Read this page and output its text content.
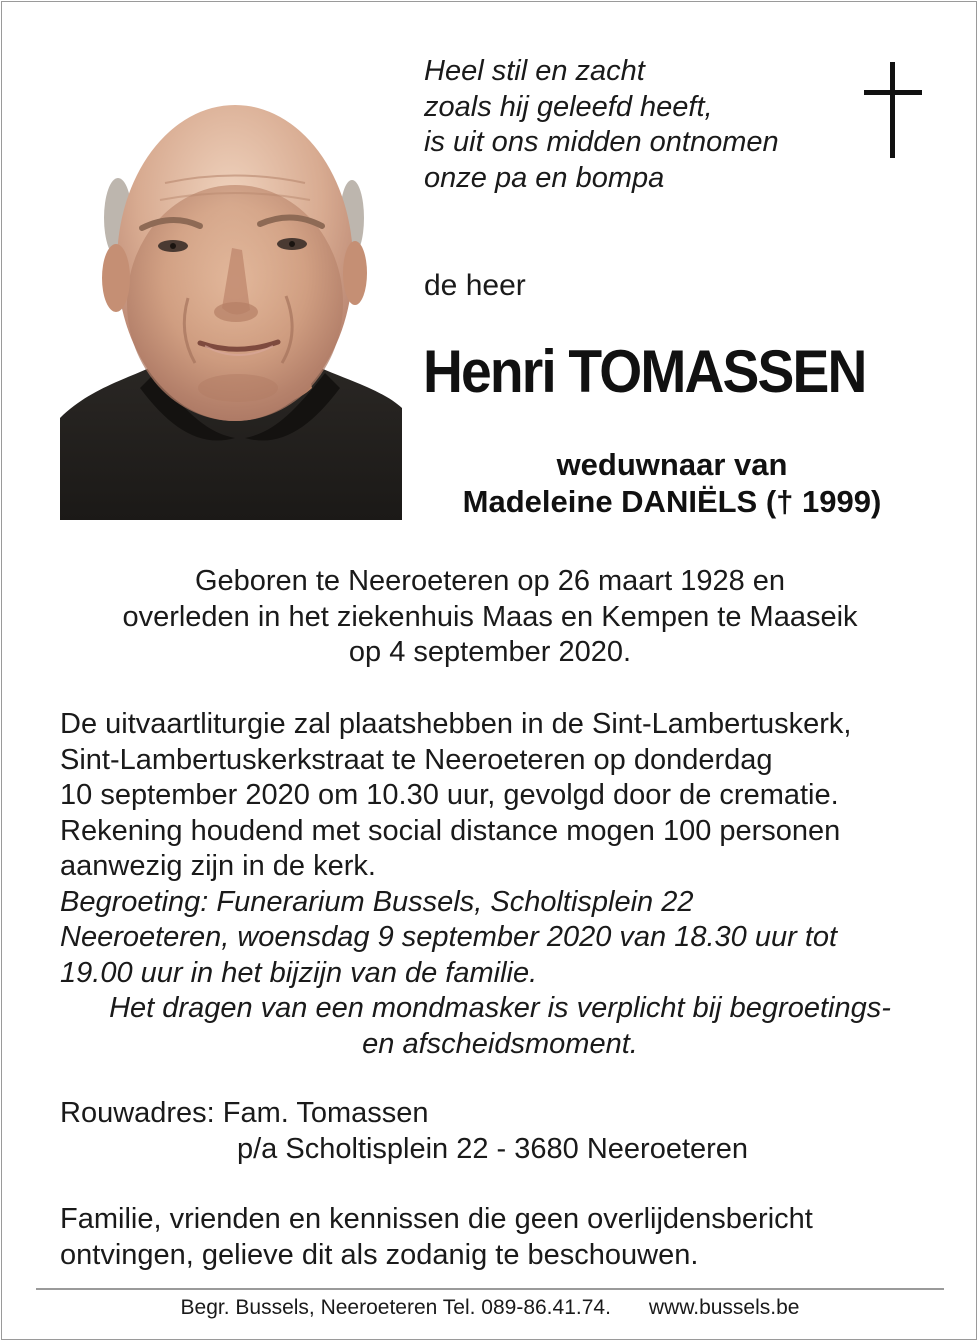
Heel stil en zacht
zoals hij geleefd heeft,
is uit ons midden ontnomen
onze pa en bompa
de heer
Henri TOMASSEN
weduwnaar van
Madeleine DANIËLS († 1999)
Geboren te Neeroeteren op 26 maart 1928 en
overleden in het ziekenhuis Maas en Kempen te Maaseik
op 4 september 2020.
De uitvaartliturgie zal plaatshebben in de Sint-Lambertuskerk,
Sint-Lambertuskerkstraat te Neeroeteren op donderdag
10 september 2020 om 10.30 uur, gevolgd door de crematie.
Rekening houdend met social distance mogen 100 personen
aanwezig zijn in de kerk.
Begroeting: Funerarium Bussels, Scholtisplein 22
Neeroeteren, woensdag 9 september 2020 van 18.30 uur tot
19.00 uur in het bijzijn van de familie.
Het dragen van een mondmasker is verplicht bij begroetings-
en afscheidsmoment.
Rouwadres: Fam. Tomassen
p/a Scholtisplein 22 - 3680 Neeroeteren
Familie, vrienden en kennissen die geen overlijdensbericht
ontvingen, gelieve dit als zodanig te beschouwen.
Begr. Bussels, Neeroeteren Tel. 089-86.41.74. www.bussels.be
